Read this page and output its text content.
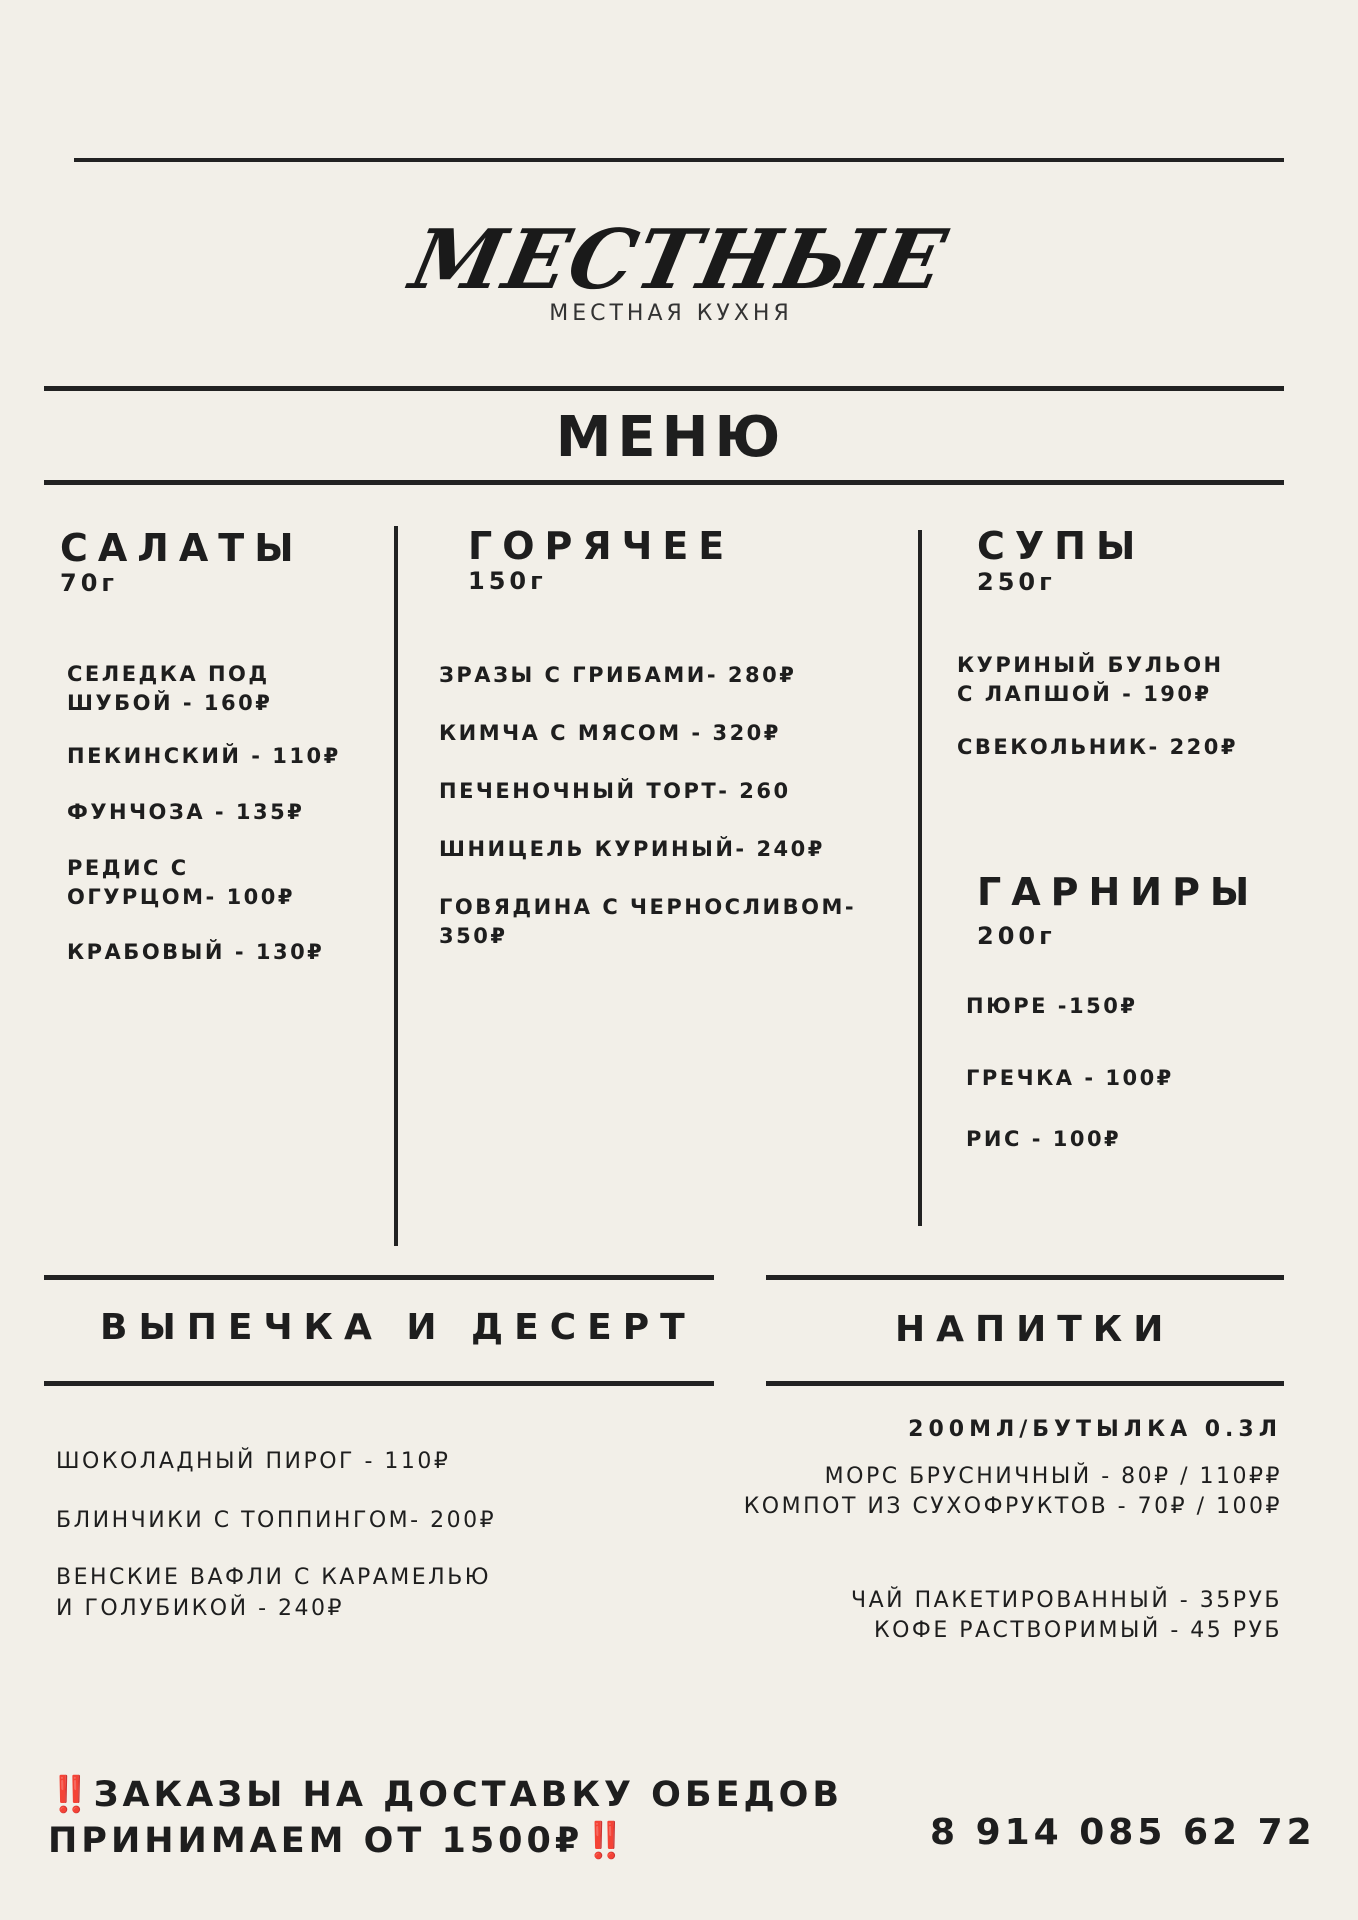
МЕСТНЫЕ
МЕСТНАЯ КУХНЯ
МЕНЮ
САЛАТЫ
70г
СЕЛЕДКА ПОД
ШУБОЙ - 160₽
ПЕКИНСКИЙ - 110₽
ФУНЧОЗА - 135₽
РЕДИС С
ОГУРЦОМ- 100₽
КРАБОВЫЙ - 130₽
ГОРЯЧЕЕ
150г
ЗРАЗЫ С ГРИБАМИ- 280₽
КИМЧА С МЯСОМ - 320₽
ПЕЧЕНОЧНЫЙ ТОРТ- 260
ШНИЦЕЛЬ КУРИНЫЙ- 240₽
ГОВЯДИНА С ЧЕРНОСЛИВОМ-
350₽
СУПЫ
250г
КУРИНЫЙ БУЛЬОН
С ЛАПШОЙ - 190₽
СВЕКОЛЬНИК- 220₽
ГАРНИРЫ
200г
ПЮРЕ -150₽
ГРЕЧКА - 100₽
РИС - 100₽
ВЫПЕЧКА И ДЕСЕРТ
ШОКОЛАДНЫЙ ПИРОГ - 110₽
БЛИНЧИКИ С ТОППИНГОМ- 200₽
ВЕНСКИЕ ВАФЛИ С КАРАМЕЛЬЮ
И ГОЛУБИКОЙ - 240₽
НАПИТКИ
200МЛ/БУТЫЛКА 0.3Л
МОРС БРУСНИЧНЫЙ - 80₽ / 110₽₽
КОМПОТ ИЗ СУХОФРУКТОВ - 70₽ / 100₽
ЧАЙ ПАКЕТИРОВАННЫЙ - 35РУБ
КОФЕ РАСТВОРИМЫЙ - 45 РУБ
‼️ ЗАКАЗЫ НА ДОСТАВКУ ОБЕДОВ
ПРИНИМАЕМ ОТ 1500₽‼️	8 914 085 62 72
